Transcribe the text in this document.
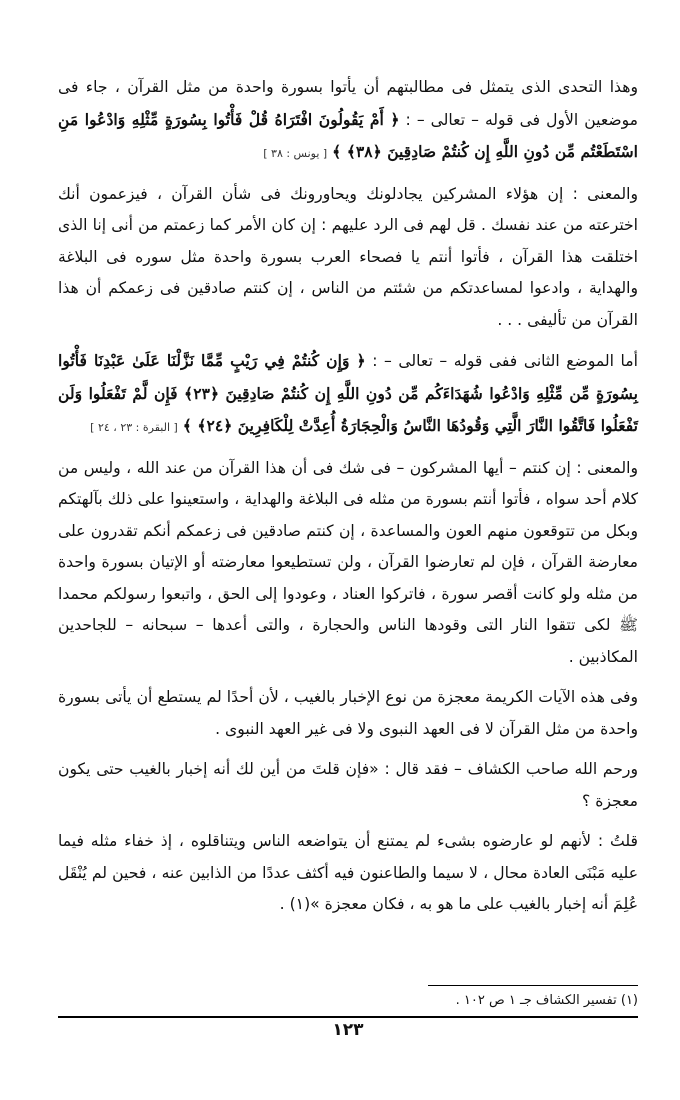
وهذا التحدى الذى يتمثل فى مطالبتهم أن يأتوا بسورة واحدة من مثل القرآن ، جاء فى موضعين الأول فى قوله – تعالى – : ﴿ أَمْ يَقُولُونَ افْتَرَاهُ قُلْ فَأْتُوا بِسُورَةٍ مِّثْلِهِ وَادْعُوا مَنِ اسْتَطَعْتُم مِّن دُونِ اللَّهِ إِن كُنتُمْ صَادِقِينَ ﴿٣٨﴾ ﴾ [ يونس : ٣٨ ]

والمعنى : إن هؤلاء المشركين يجادلونك ويحاورونك فى شأن القرآن ، فيزعمون أنك اخترعته من عند نفسك . قل لهم فى الرد عليهم : إن كان الأمر كما زعمتم من أنى إنا الذى اختلقت هذا القرآن ، فأتوا أنتم يا فصحاء العرب بسورة واحدة مثل سوره فى البلاغة والهداية ، وادعوا لمساعدتكم من شئتم من الناس ، إن كنتم صادقين فى زعمكم أن هذا القرآن من تأليفى . . .

أما الموضع الثانى ففى قوله – تعالى – : ﴿ وَإِن كُنتُمْ فِي رَيْبٍ مِّمَّا نَزَّلْنَا عَلَىٰ عَبْدِنَا فَأْتُوا بِسُورَةٍ مِّن مِّثْلِهِ وَادْعُوا شُهَدَاءَكُم مِّن دُونِ اللَّهِ إِن كُنتُمْ صَادِقِينَ ﴿٢٣﴾ فَإِن لَّمْ تَفْعَلُوا وَلَن تَفْعَلُوا فَاتَّقُوا النَّارَ الَّتِي وَقُودُهَا النَّاسُ وَالْحِجَارَةُ أُعِدَّتْ لِلْكَافِرِينَ ﴿٢٤﴾ ﴾ [ البقرة : ٢٣ ، ٢٤ ]

والمعنى : إن كنتم – أيها المشركون – فى شك فى أن هذا القرآن من عند الله ، وليس من كلام أحد سواه ، فأتوا أنتم بسورة من مثله فى البلاغة والهداية ، واستعينوا على ذلك بآلهتكم وبكل من تتوقعون منهم العون والمساعدة ، إن كنتم صادقين فى زعمكم أنكم تقدرون على معارضة القرآن ، فإن لم تعارضوا القرآن ، ولن تستطيعوا معارضته أو الإتيان بسورة واحدة من مثله ولو كانت أقصر سورة ، فاتركوا العناد ، وعودوا إلى الحق ، واتبعوا رسولكم محمدا ﷺ لكى تتقوا النار التى وقودها الناس والحجارة ، والتى أعدها – سبحانه – للجاحدين المكاذبين .

وفى هذه الآيات الكريمة معجزة من نوع الإخبار بالغيب ، لأن أحدًا لم يستطع أن يأتى بسورة واحدة من مثل القرآن لا فى العهد النبوى ولا فى غير العهد النبوى .

ورحم الله صاحب الكشاف – فقد قال : «فإن قلتَ من أين لك أنه إخبار بالغيب حتى يكون معجزة ؟

قلتُ : لأنهم لو عارضوه بشىء لم يمتنع أن يتواضعه الناس ويتناقلوه ، إذ خفاء مثله فيما عليه مَبْنَى العادة محال ، لا سيما والطاعنون فيه أكثف عددًا من الذابين عنه ، فحين لم يُنْقَل عُلِمَ أنه إخبار بالغيب على ما هو به ، فكان معجزة »(١) .

(١) تفسير الكشاف جـ ١ ص ١٠٢ .

١٢٣
